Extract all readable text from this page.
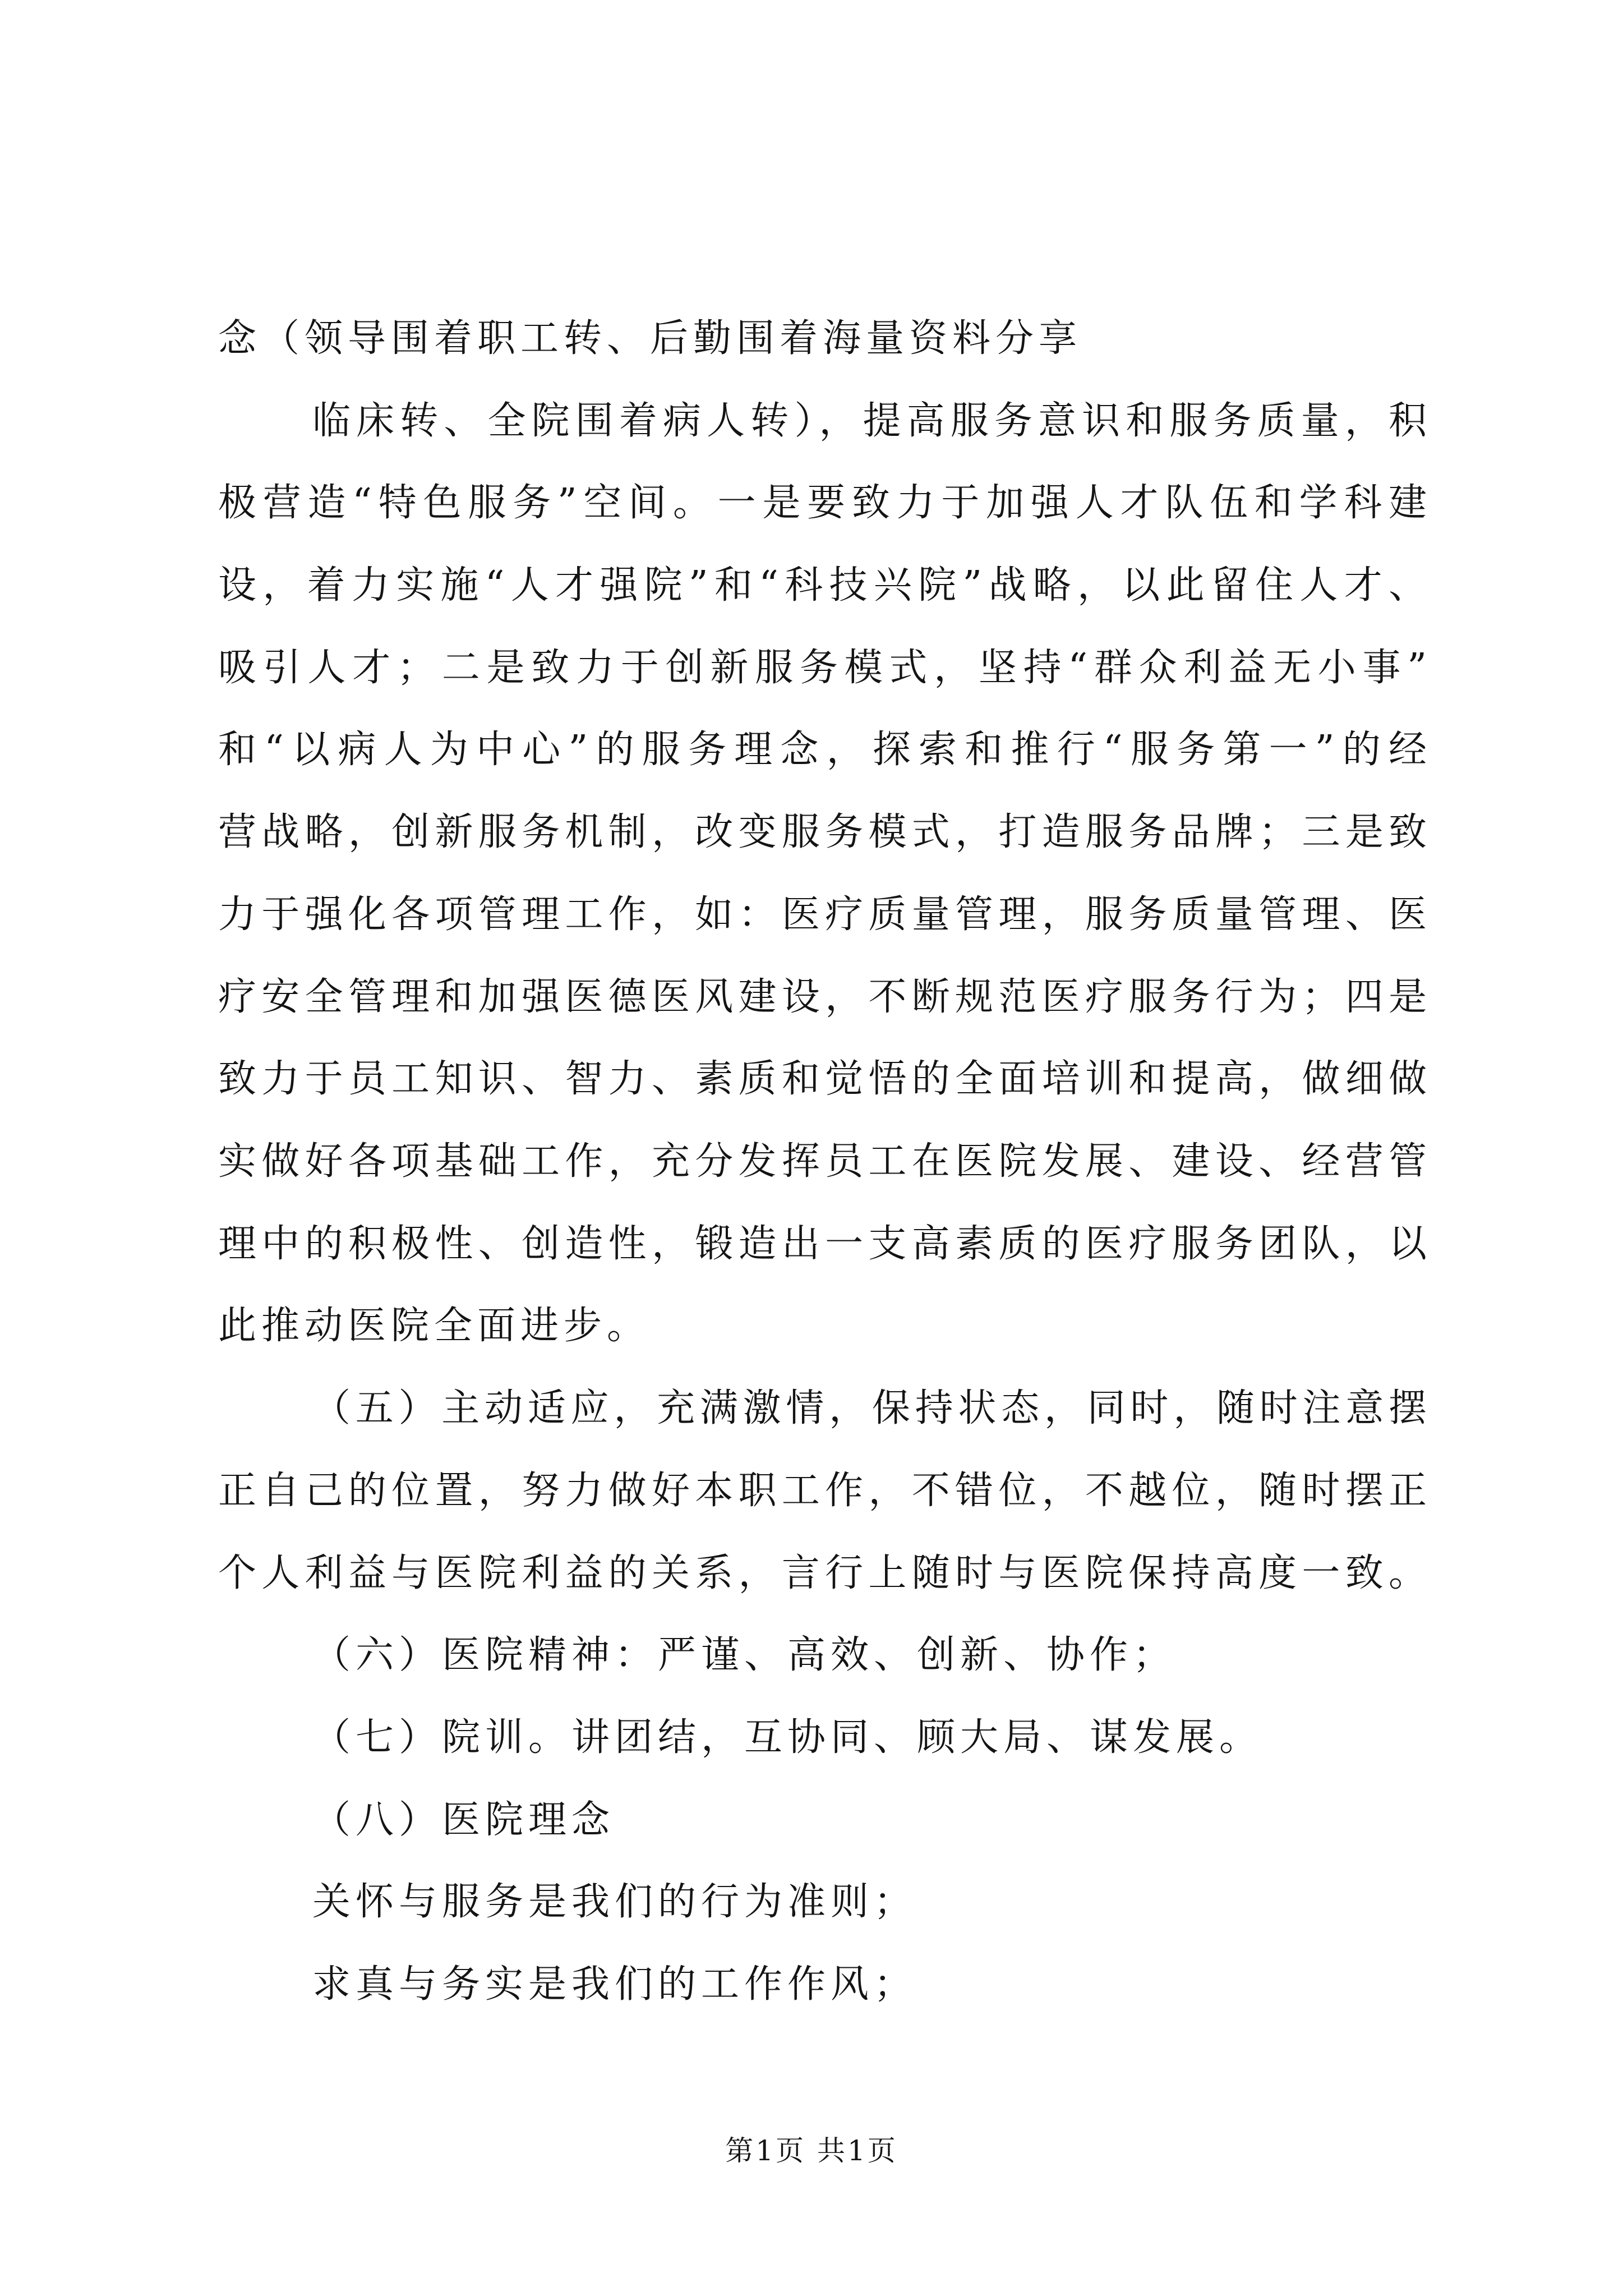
念（领导围着职工转、后勤围着海量资料分享
临床转、全院围着病人转），提高服务意识和服务质量，积
极营造“特色服务”空间。一是要致力于加强人才队伍和学科建
设，着力实施“人才强院”和“科技兴院”战略，以此留住人才、
吸引人才；二是致力于创新服务模式，坚持“群众利益无小事”
和“以病人为中心”的服务理念，探索和推行“服务第一”的经
营战略，创新服务机制，改变服务模式，打造服务品牌；三是致
力于强化各项管理工作，如：医疗质量管理，服务质量管理、医
疗安全管理和加强医德医风建设，不断规范医疗服务行为；四是
致力于员工知识、智力、素质和觉悟的全面培训和提高，做细做
实做好各项基础工作，充分发挥员工在医院发展、建设、经营管
理中的积极性、创造性，锻造出一支高素质的医疗服务团队，以
此推动医院全面进步。
（五）主动适应，充满激情，保持状态，同时，随时注意摆
正自己的位置，努力做好本职工作，不错位，不越位，随时摆正
个人利益与医院利益的关系，言行上随时与医院保持高度一致。
（六）医院精神：严谨、高效、创新、协作；
（七）院训。讲团结，互协同、顾大局、谋发展。
（八）医院理念
关怀与服务是我们的行为准则；
求真与务实是我们的工作作风；
第1页 共1页
